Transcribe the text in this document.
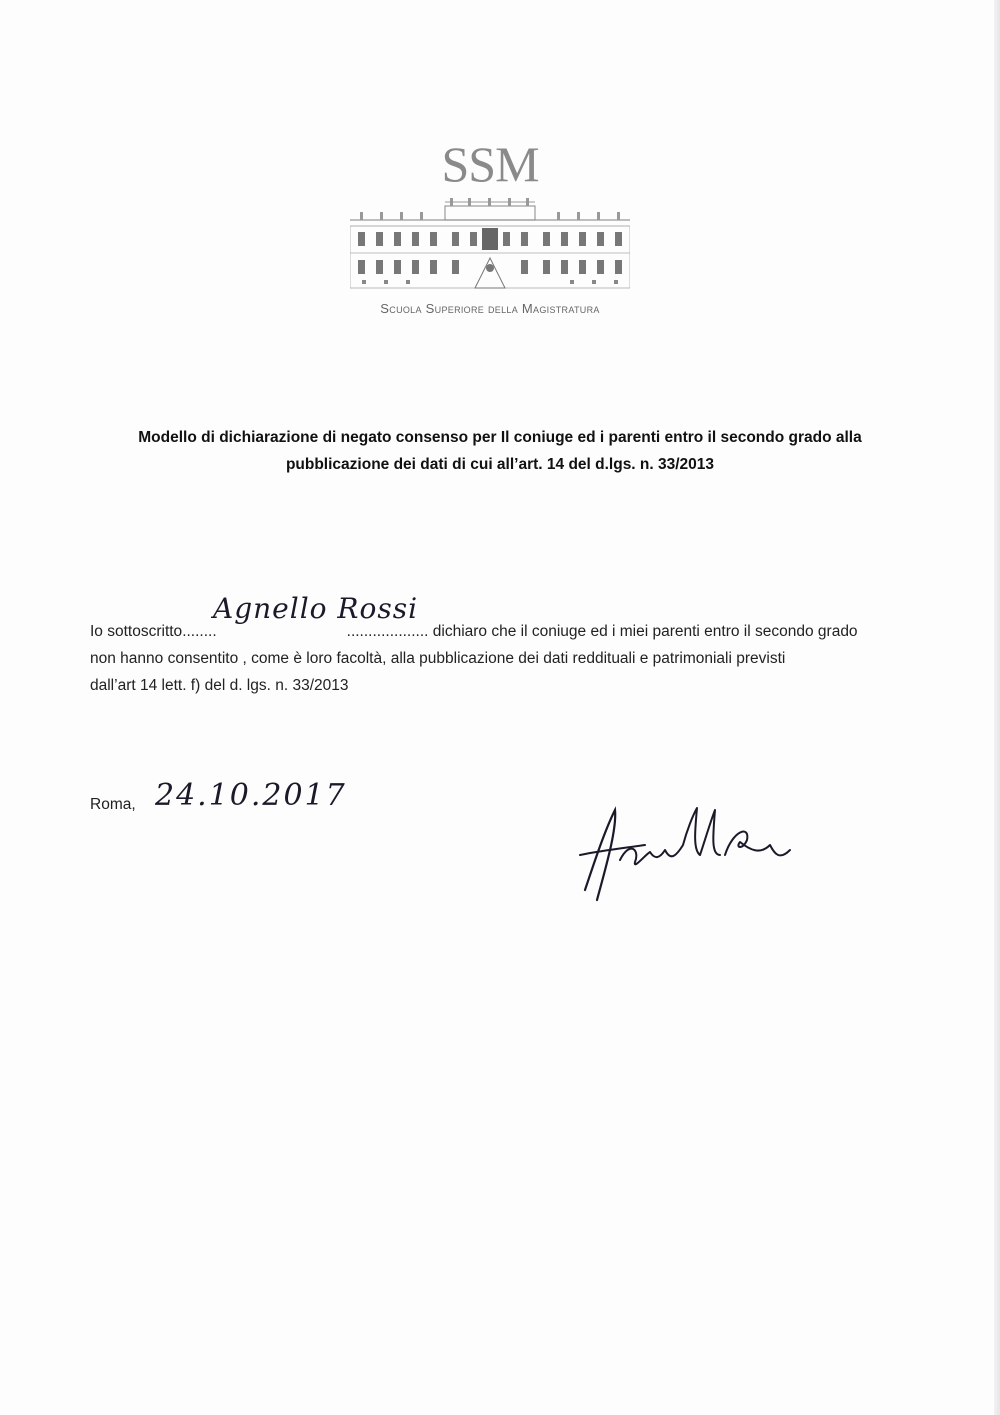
SSM
Scuola Superiore della Magistratura
Modello di dichiarazione di negato consenso per Il coniuge ed i parenti entro il secondo grado alla
pubblicazione dei dati di cui all’art. 14 del d.lgs. n. 33/2013
Agnello Rossi
Io sottoscritto........	................... dichiaro che il coniuge ed i miei parenti entro il secondo grado
non hanno consentito , come è loro facoltà, alla pubblicazione dei dati reddituali e patrimoniali previsti
dall’art 14 lett. f) del d. lgs. n. 33/2013
Roma, 24.10.2017
